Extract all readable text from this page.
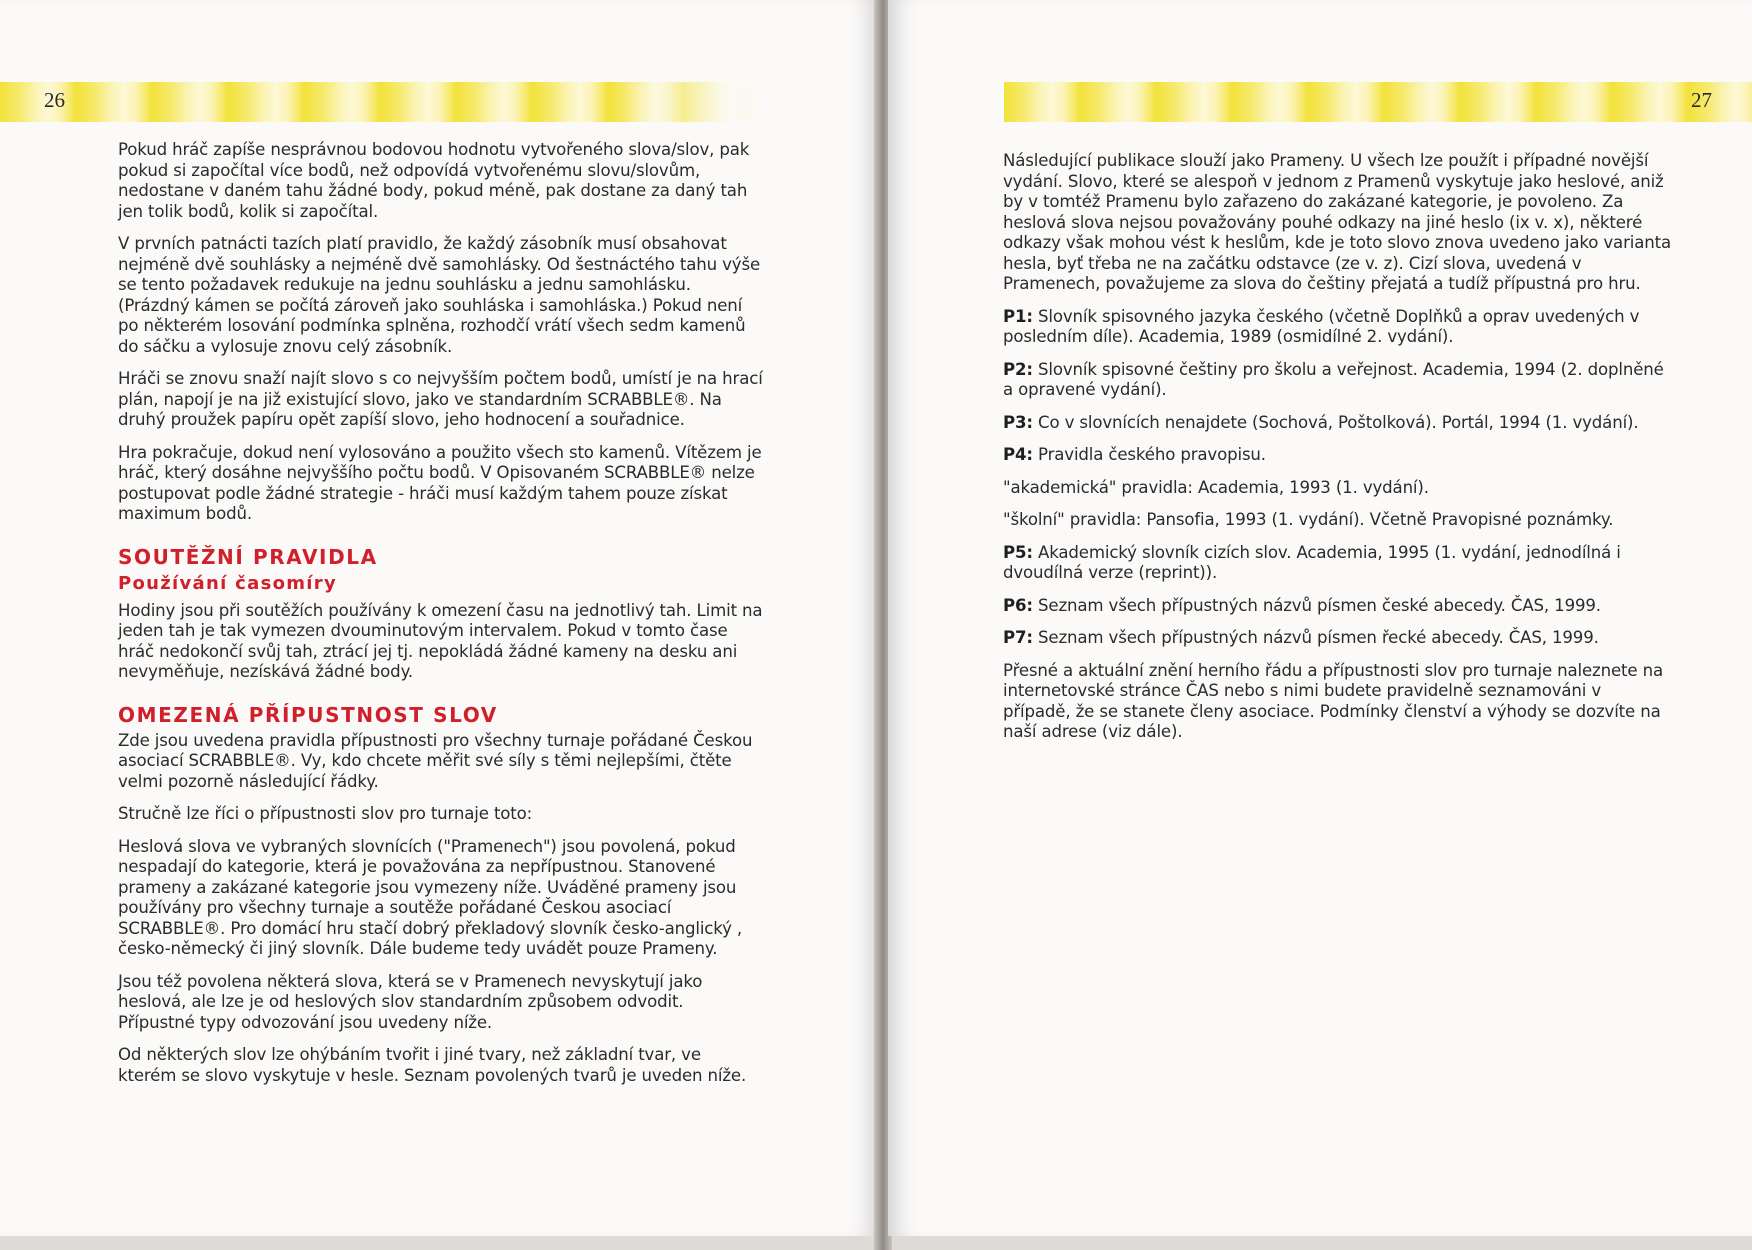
26

Pokud hráč zapíše nesprávnou bodovou hodnotu vytvořeného slova/slov, pak pokud si započítal více bodů, než odpovídá vytvořenému slovu/slovům, nedostane v daném tahu žádné body, pokud méně, pak dostane za daný tah jen tolik bodů, kolik si započítal.

V prvních patnácti tazích platí pravidlo, že každý zásobník musí obsahovat nejméně dvě souhlásky a nejméně dvě samohlásky. Od šestnáctého tahu výše se tento požadavek redukuje na jednu souhlásku a jednu samohlásku. (Prázdný kámen se počítá zároveň jako souhláska i samohláska.) Pokud není po některém losování podmínka splněna, rozhodčí vrátí všech sedm kamenů do sáčku a vylosuje znovu celý zásobník.

Hráči se znovu snaží najít slovo s co nejvyšším počtem bodů, umístí je na hrací plán, napojí je na již existující slovo, jako ve standardním SCRABBLE®. Na druhý proužek papíru opět zapíší slovo, jeho hodnocení a souřadnice.

Hra pokračuje, dokud není vylosováno a použito všech sto kamenů. Vítězem je hráč, který dosáhne nejvyššího počtu bodů. V Opisovaném SCRABBLE® nelze postupovat podle žádné strategie - hráči musí každým tahem pouze získat maximum bodů.

SOUTĚŽNÍ PRAVIDLA
Používání časomíry

Hodiny jsou při soutěžích používány k omezení času na jednotlivý tah. Limit na jeden tah je tak vymezen dvouminutovým intervalem. Pokud v tomto čase hráč nedokončí svůj tah, ztrácí jej tj. nepokládá žádné kameny na desku ani nevyměňuje, nezískává žádné body.

OMEZENÁ PŘÍPUSTNOST SLOV

Zde jsou uvedena pravidla přípustnosti pro všechny turnaje pořádané Českou asociací SCRABBLE®. Vy, kdo chcete měřit své síly s těmi nejlepšími, čtěte velmi pozorně následující řádky.

Stručně lze říci o přípustnosti slov pro turnaje toto:

Heslová slova ve vybraných slovnících ("Pramenech") jsou povolená, pokud nespadají do kategorie, která je považována za nepřípustnou. Stanovené prameny a zakázané kategorie jsou vymezeny níže. Uváděné prameny jsou používány pro všechny turnaje a soutěže pořádané Českou asociací SCRABBLE®. Pro domácí hru stačí dobrý překladový slovník česko-anglický , česko-německý či jiný slovník. Dále budeme tedy uvádět pouze Prameny.

Jsou též povolena některá slova, která se v Pramenech nevyskytují jako heslová, ale lze je od heslových slov standardním způsobem odvodit. Přípustné typy odvozování jsou uvedeny níže.

Od některých slov lze ohýbáním tvořit i jiné tvary, než základní tvar, ve kterém se slovo vyskytuje v hesle. Seznam povolených tvarů je uveden níže.

27

Následující publikace slouží jako Prameny. U všech lze použít i případné novější vydání. Slovo, které se alespoň v jednom z Pramenů vyskytuje jako heslové, aniž by v tomtéž Pramenu bylo zařazeno do zakázané kategorie, je povoleno. Za heslová slova nejsou považovány pouhé odkazy na jiné heslo (ix v. x), některé odkazy však mohou vést k heslům, kde je toto slovo znova uvedeno jako varianta hesla, byť třeba ne na začátku odstavce (ze v. z). Cizí slova, uvedená v Pramenech, považujeme za slova do češtiny přejatá a tudíž přípustná pro hru.

P1: Slovník spisovného jazyka českého (včetně Doplňků a oprav uvedených v posledním díle). Academia, 1989 (osmidílné 2. vydání).

P2: Slovník spisovné češtiny pro školu a veřejnost. Academia, 1994 (2. doplněné a opravené vydání).

P3: Co v slovnících nenajdete (Sochová, Poštolková). Portál, 1994 (1. vydání).

P4: Pravidla českého pravopisu.

"akademická" pravidla: Academia, 1993 (1. vydání).

"školní" pravidla: Pansofia, 1993 (1. vydání). Včetně Pravopisné poznámky.

P5: Akademický slovník cizích slov. Academia, 1995 (1. vydání, jednodílná i dvoudílná verze (reprint)).

P6: Seznam všech přípustných názvů písmen české abecedy. ČAS, 1999.

P7: Seznam všech přípustných názvů písmen řecké abecedy. ČAS, 1999.

Přesné a aktuální znění herního řádu a přípustnosti slov pro turnaje naleznete na internetovské stránce ČAS nebo s nimi budete pravidelně seznamováni v případě, že se stanete členy asociace. Podmínky členství a výhody se dozvíte na naší adrese (viz dále).
